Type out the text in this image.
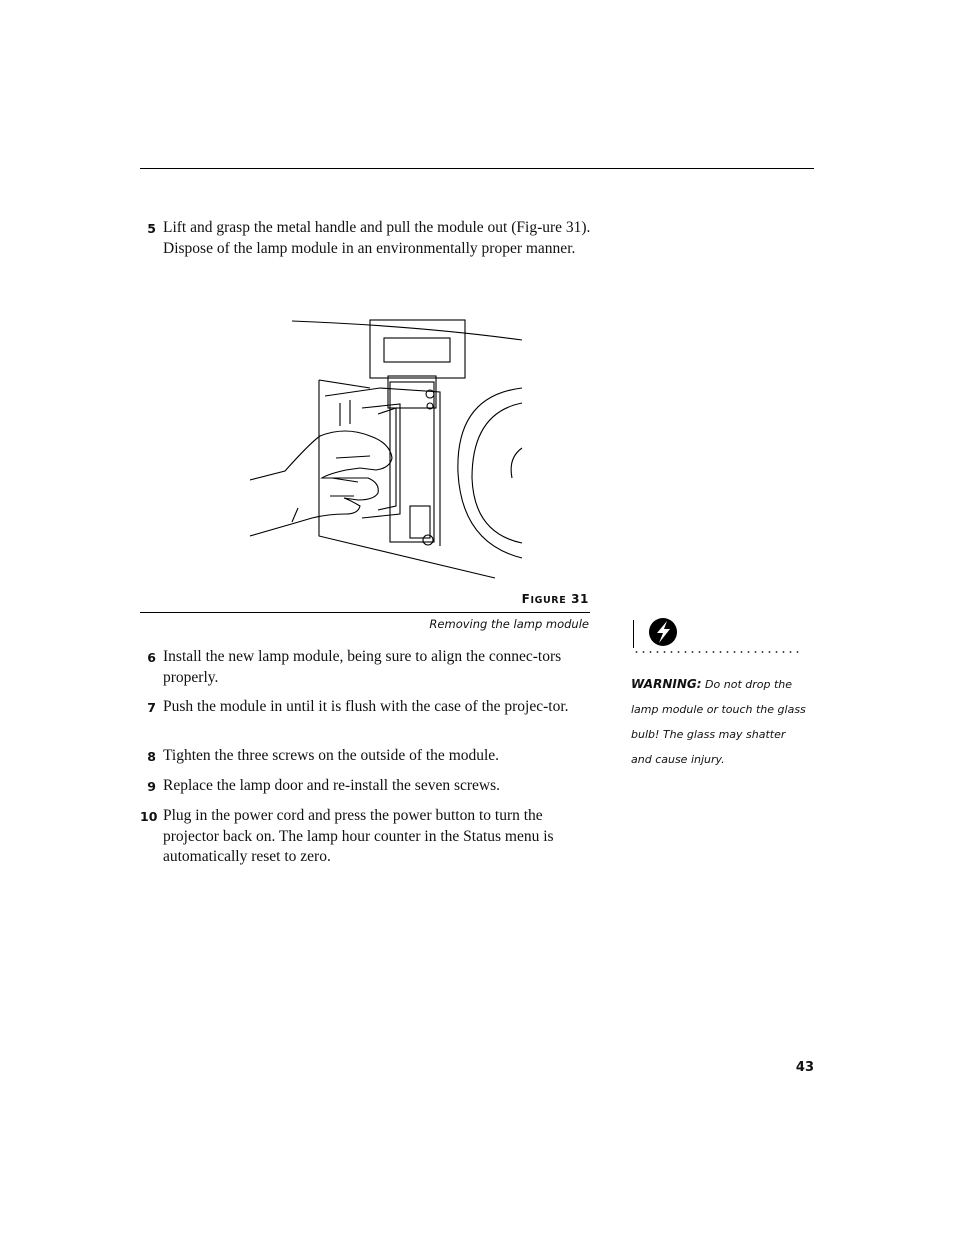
5 Lift and grasp the metal handle and pull the module out (Fig-ure 31). Dispose of the lamp module in an environmentally proper manner.
FIGURE 31
Removing the lamp module
WARNING: Do not drop the lamp module or touch the glass bulb! The glass may shatter and cause injury.
6 Install the new lamp module, being sure to align the connec-tors properly.
7 Push the module in until it is flush with the case of the projec-tor.
8 Tighten the three screws on the outside of the module.
9 Replace the lamp door and re-install the seven screws.
10 Plug in the power cord and press the power button to turn the projector back on. The lamp hour counter in the Status menu is automatically reset to zero.
43
